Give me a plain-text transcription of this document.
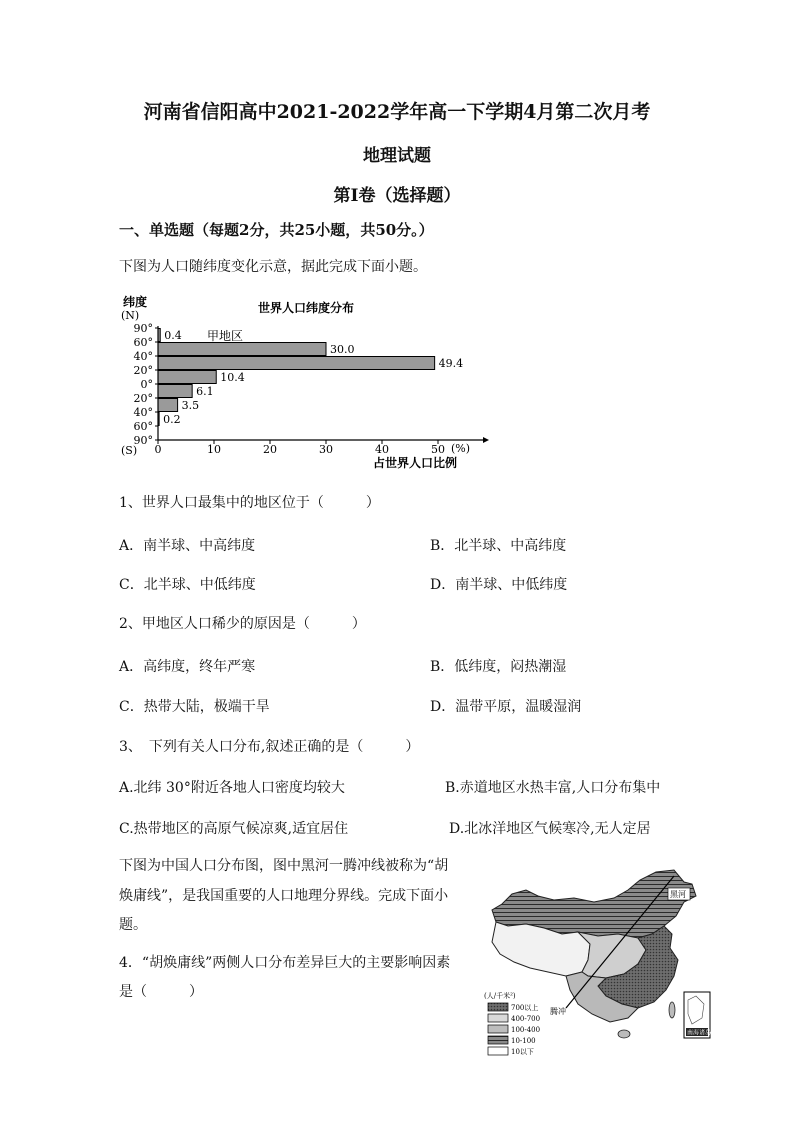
河南省信阳高中2021-2022学年高一下学期4月第二次月考
地理试题
第Ⅰ卷（选择题）
一、单选题（每题2分，共25小题，共50分。）
下图为人口随纬度变化示意，据此完成下面小题。
纬度
(N)
世界人口纬度分布
90°
60°
40°
20°
0°
20°
40°
60°
90°
0.4
30.0
49.4
10.4
6.1
3.5
0.2
0	10	20	30	40	50
(S)	(%)
占世界人口比例
甲地区
1、世界人口最集中的地区位于（　　　）
A．南半球、中高纬度	B．北半球、中高纬度
C．北半球、中低纬度	D．南半球、中低纬度
2、甲地区人口稀少的原因是（　　　）
A．高纬度，终年严寒	B．低纬度，闷热潮湿
C．热带大陆，极端干旱	D．温带平原，温暖湿润
3、　下列有关人口分布,叙述正确的是（　　　）
A.北纬 30°附近各地人口密度均较大	B.赤道地区水热丰富,人口分布集中
C.热带地区的高原气候凉爽,适宜居住	D.北冰洋地区气候寒冷,无人定居
下图为中国人口分布图，图中黑河一腾冲线被称为“胡
焕庸线”，是我国重要的人口地理分界线。完成下面小
题。
4．“胡焕庸线”两侧人口分布差异巨大的主要影响因素
是（　　　）
黑河
腾冲
南海诸岛
(人/千米²)
700以上
400-700
100-400
10-100
10以下
